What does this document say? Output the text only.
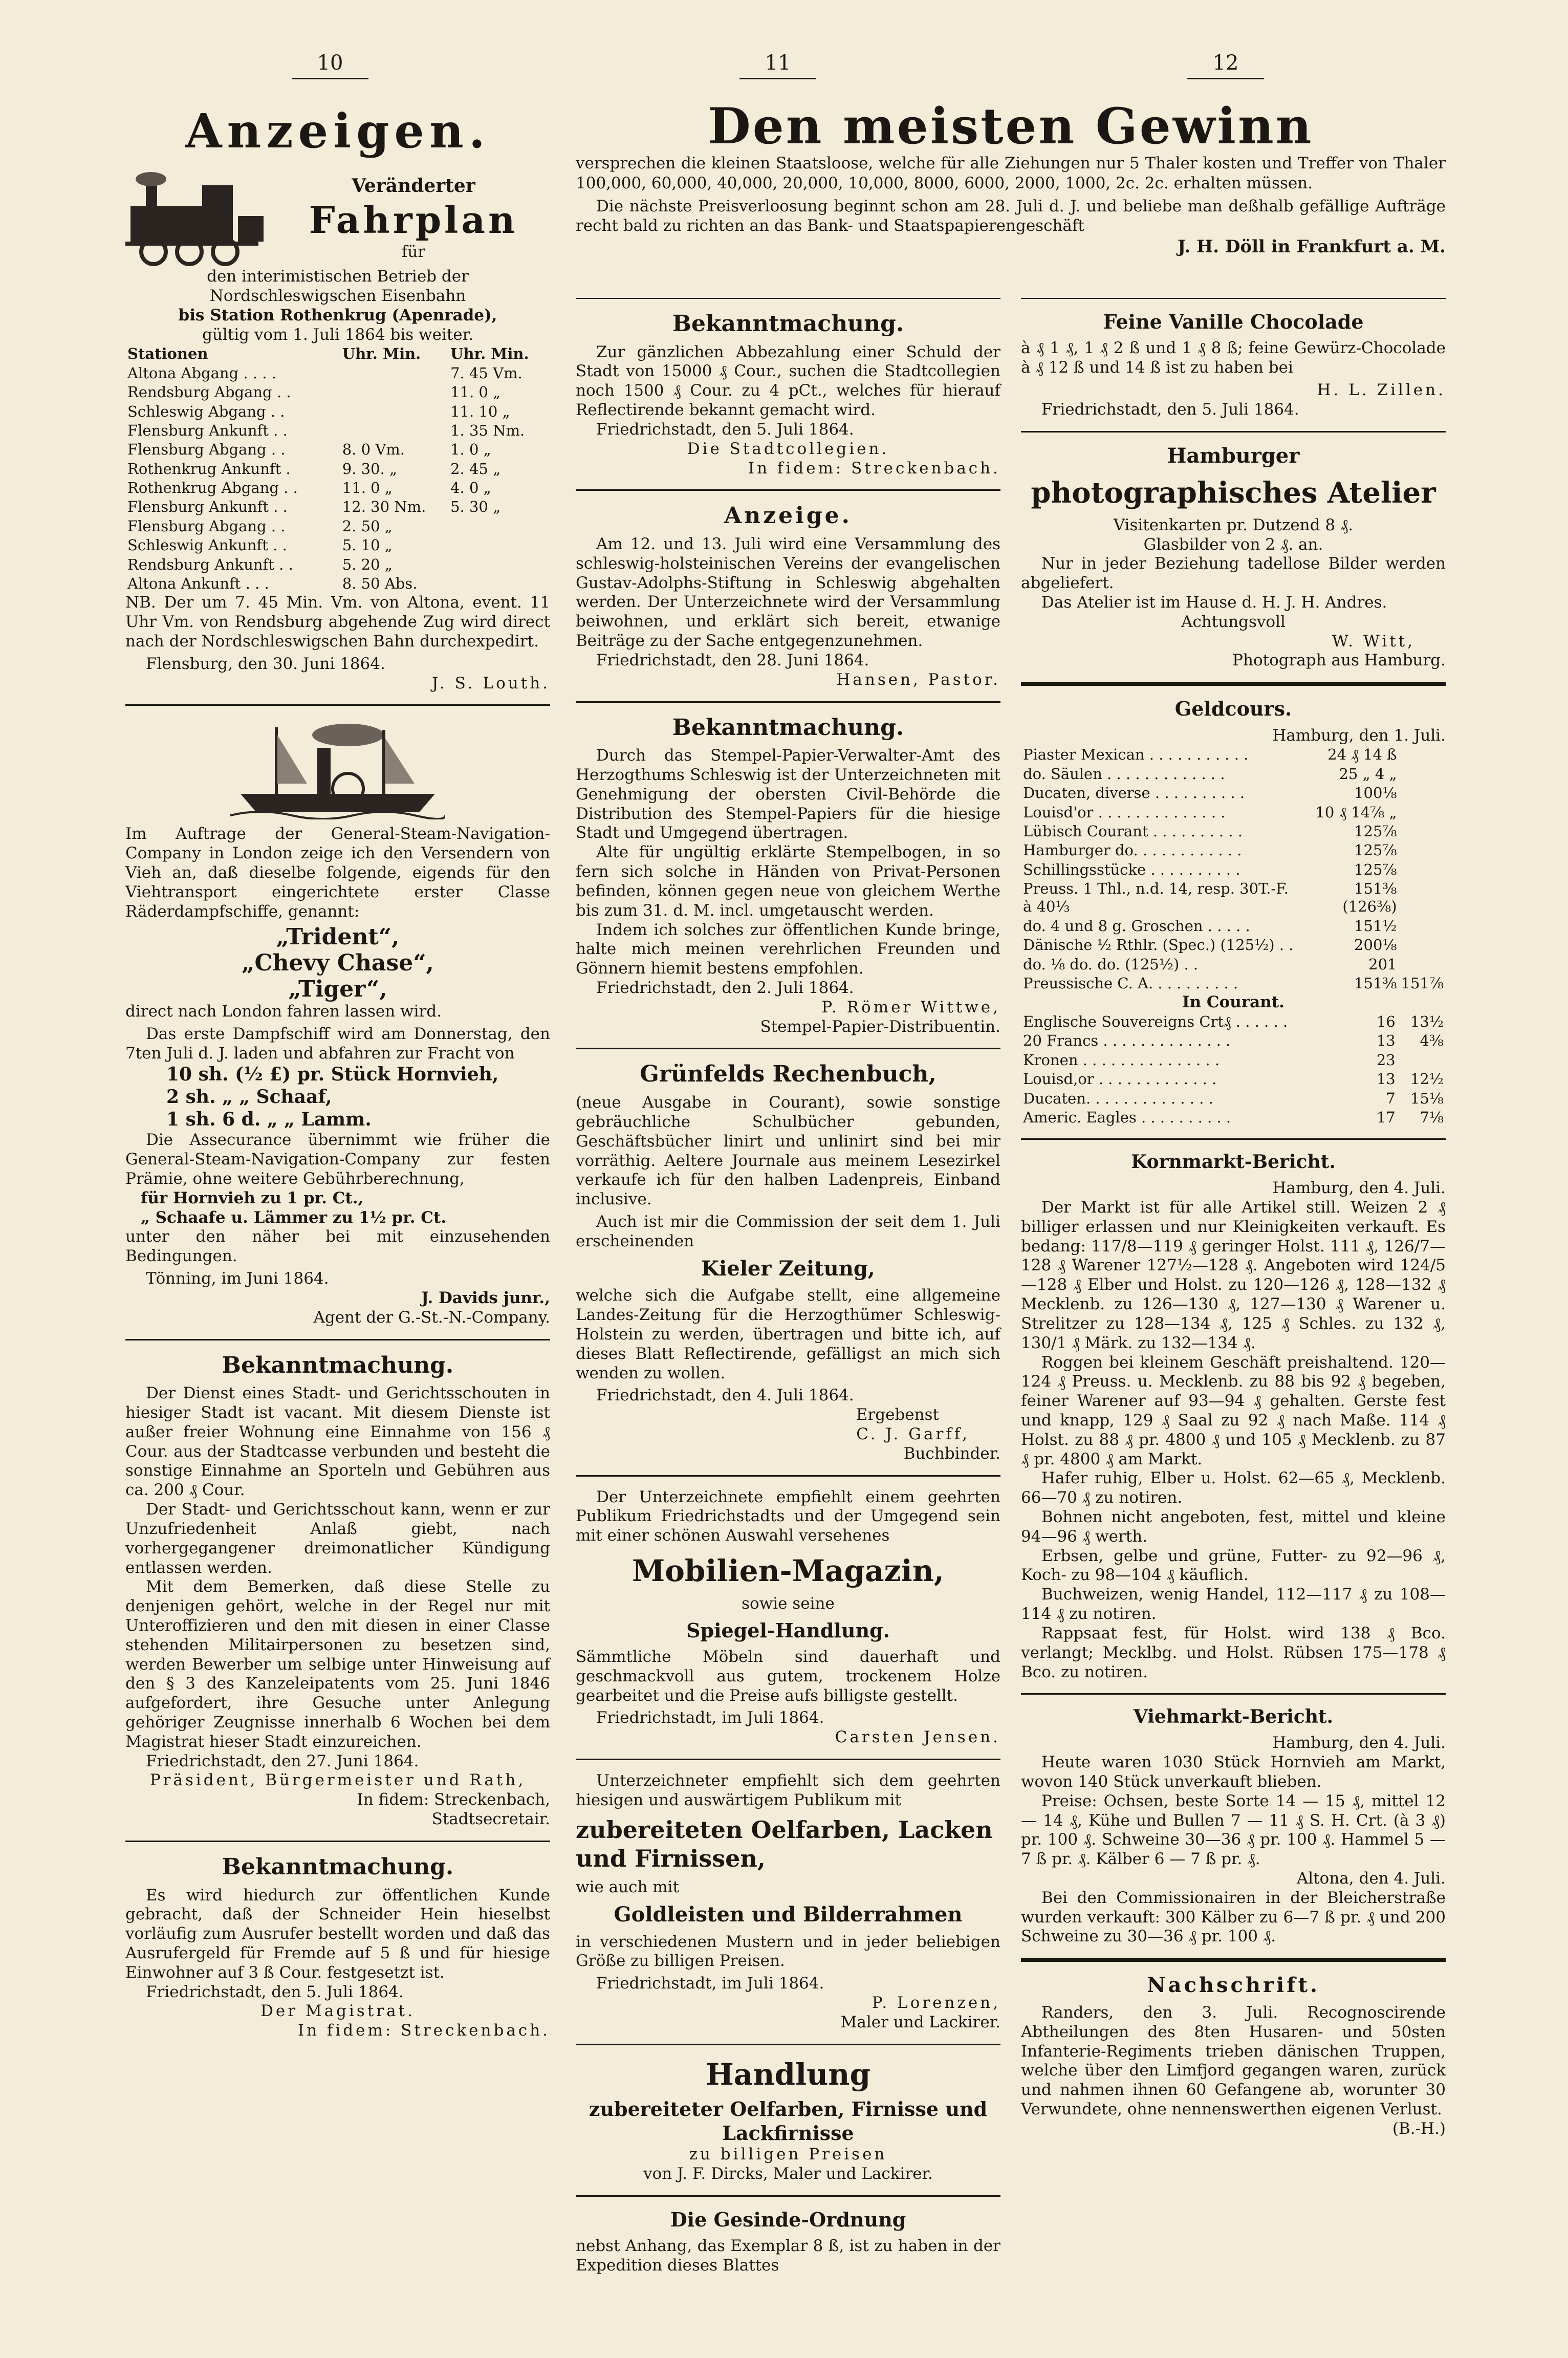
10	11	12
Anzeigen.
Veränderter
Fahrplan
für
den interimistischen Betrieb der Nordschleswigschen Eisenbahn
bis Station Rothenkrug (Apenrade),
gültig vom 1. Juli 1864 bis weiter.
Stationen	Uhr. Min.	Uhr. Min.
Altona Abgang . . . .		7. 45 Vm.
Rendsburg Abgang . .		11. 0 „
Schleswig Abgang . .		11. 10 „
Flensburg Ankunft . .		1. 35 Nm.
Flensburg Abgang . .	8. 0 Vm.	1. 0 „
Rothenkrug Ankunft .	9. 30. „	2. 45 „
Rothenkrug Abgang . .	11. 0 „	4. 0 „
Flensburg Ankunft . .	12. 30 Nm.	5. 30 „
Flensburg Abgang . .	2. 50 „	
Schleswig Ankunft . .	5. 10 „	
Rendsburg Ankunft . .	5. 20 „	
Altona Ankunft . . .	8. 50 Abs.	

NB. Der um 7. 45 Min. Vm. von Altona, event. 11 Uhr Vm. von Rendsburg abgehende Zug wird direct nach der Nordschleswigschen Bahn durchexpedirt.

Flensburg, den 30. Juni 1864.

J. S. Louth.

Im Auftrage der General-Steam-Navigation-Company in London zeige ich den Versendern von Vieh an, daß dieselbe folgende, eigends für den Viehtransport eingerichtete erster Classe Räderdampfschiffe, genannt:

„Trident“,
„Chevy Chase“,
„Tiger“,

direct nach London fahren lassen wird.

Das erste Dampfschiff wird am Donnerstag, den 7ten Juli d. J. laden und abfahren zur Fracht von

10 sh. (½ £) pr. Stück Hornvieh,
2 sh. „ „ Schaaf,
1 sh. 6 d. „ „ Lamm.

Die Assecurance übernimmt wie früher die General-Steam-Navigation-Company zur festen Prämie, ohne weitere Gebührberechnung,

für Hornvieh zu 1 pr. Ct.,
„ Schaafe u. Lämmer zu 1½ pr. Ct.

unter den näher bei mit einzusehenden Bedingungen.

Tönning, im Juni 1864.

J. Davids junr.,
Agent der G.-St.-N.-Company.
Bekanntmachung.

Der Dienst eines Stadt- und Gerichtsschouten in hiesiger Stadt ist vacant. Mit diesem Dienste ist außer freier Wohnung eine Einnahme von 156 ₰ Cour. aus der Stadtcasse verbunden und besteht die sonstige Einnahme an Sporteln und Gebühren aus ca. 200 ₰ Cour.

Der Stadt- und Gerichtsschout kann, wenn er zur Unzufriedenheit Anlaß giebt, nach vorhergegangener dreimonatlicher Kündigung entlassen werden.

Mit dem Bemerken, daß diese Stelle zu denjenigen gehört, welche in der Regel nur mit Unteroffizieren und den mit diesen in einer Classe stehenden Militairpersonen zu besetzen sind, werden Bewerber um selbige unter Hinweisung auf den § 3 des Kanzeleipatents vom 25. Juni 1846 aufgefordert, ihre Gesuche unter Anlegung gehöriger Zeugnisse innerhalb 6 Wochen bei dem Magistrat hieser Stadt einzureichen.

Friedrichstadt, den 27. Juni 1864.

Präsident, Bürgermeister und Rath,
In fidem: Streckenbach,
Stadtsecretair.
Bekanntmachung.

Es wird hiedurch zur öffentlichen Kunde gebracht, daß der Schneider Hein hieselbst vorläufig zum Ausrufer bestellt worden und daß das Ausrufergeld für Fremde auf 5 ß und für hiesige Einwohner auf 3 ß Cour. festgesetzt ist.

Friedrichstadt, den 5. Juli 1864.

Der Magistrat.
In fidem: Streckenbach.
Den meisten Gewinn

versprechen die kleinen Staatsloose, welche für alle Ziehungen nur 5 Thaler kosten und Treffer von Thaler 100,000, 60,000, 40,000, 20,000, 10,000, 8000, 6000, 2000, 1000, 2c. 2c. erhalten müssen.

Die nächste Preisverloosung beginnt schon am 28. Juli d. J. und beliebe man deßhalb gefällige Aufträge recht bald zu richten an das Bank- und Staatspapierengeschäft

J. H. Döll in Frankfurt a. M.
Bekanntmachung.

Zur gänzlichen Abbezahlung einer Schuld der Stadt von 15000 ₰ Cour., suchen die Stadtcollegien noch 1500 ₰ Cour. zu 4 pCt., welches für hierauf Reflectirende bekannt gemacht wird.

Friedrichstadt, den 5. Juli 1864.

Die Stadtcollegien.
In fidem: Streckenbach.
Anzeige.

Am 12. und 13. Juli wird eine Versammlung des schleswig-holsteinischen Vereins der evangelischen Gustav-Adolphs-Stiftung in Schleswig abgehalten werden. Der Unterzeichnete wird der Versammlung beiwohnen, und erklärt sich bereit, etwanige Beiträge zu der Sache entgegenzunehmen.

Friedrichstadt, den 28. Juni 1864.

Hansen, Pastor.
Bekanntmachung.

Durch das Stempel-Papier-Verwalter-Amt des Herzogthums Schleswig ist der Unterzeichneten mit Genehmigung der obersten Civil-Behörde die Distribution des Stempel-Papiers für die hiesige Stadt und Umgegend übertragen.

Alte für ungültig erklärte Stempelbogen, in so fern sich solche in Händen von Privat-Personen befinden, können gegen neue von gleichem Werthe bis zum 31. d. M. incl. umgetauscht werden.

Indem ich solches zur öffentlichen Kunde bringe, halte mich meinen verehrlichen Freunden und Gönnern hiemit bestens empfohlen.

Friedrichstadt, den 2. Juli 1864.

P. Römer Wittwe,
Stempel-Papier-Distribuentin.
Grünfelds Rechenbuch,

(neue Ausgabe in Courant), sowie sonstige gebräuchliche Schulbücher gebunden, Geschäftsbücher linirt und unlinirt sind bei mir vorräthig. Aeltere Journale aus meinem Lesezirkel verkaufe ich für den halben Ladenpreis, Einband inclusive.

Auch ist mir die Commission der seit dem 1. Juli erscheinenden

Kieler Zeitung,

welche sich die Aufgabe stellt, eine allgemeine Landes-Zeitung für die Herzogthümer Schleswig-Holstein zu werden, übertragen und bitte ich, auf dieses Blatt Reflectirende, gefälligst an mich sich wenden zu wollen.

Friedrichstadt, den 4. Juli 1864.

Ergebenst
C. J. Garff,
Buchbinder.

Der Unterzeichnete empfiehlt einem geehrten Publikum Friedrichstadts und der Umgegend sein mit einer schönen Auswahl versehenes

Mobilien-Magazin,
sowie seine
Spiegel-Handlung.

Sämmtliche Möbeln sind dauerhaft und geschmackvoll aus gutem, trockenem Holze gearbeitet und die Preise aufs billigste gestellt.

Friedrichstadt, im Juli 1864.

Carsten Jensen.

Unterzeichneter empfiehlt sich dem geehrten hiesigen und auswärtigem Publikum mit

zubereiteten Oelfarben, Lacken und Firnissen,
wie auch mit
Goldleisten und Bilderrahmen

in verschiedenen Mustern und in jeder beliebigen Größe zu billigen Preisen.

Friedrichstadt, im Juli 1864.

P. Lorenzen,
Maler und Lackirer.
Handlung
zubereiteter Oelfarben, Firnisse und
Lackfirnisse
zu billigen Preisen
von J. F. Dircks, Maler und Lackirer.
Die Gesinde-Ordnung

nebst Anhang, das Exemplar 8 ß, ist zu haben in der Expedition dieses Blattes

Feine Vanille Chocolade

à ₰ 1 ₰, 1 ₰ 2 ß und 1 ₰ 8 ß; feine Gewürz-Chocolade à ₰ 12 ß und 14 ß ist zu haben bei

H. L. Zillen.

Friedrichstadt, den 5. Juli 1864.

Hamburger
photographisches Atelier
Visitenkarten pr. Dutzend 8 ₰.
Glasbilder von 2 ₰. an.

Nur in jeder Beziehung tadellose Bilder werden abgeliefert.

Das Atelier ist im Hause d. H. J. H. Andres.

Achtungsvoll
W. Witt,
Photograph aus Hamburg.
Geldcours.
Hamburg, den 1. Juli.
Piaster Mexican . . . . . . . . . . .	24 ₰ 14 ß	
do. Säulen . . . . . . . . . . . . .	25 „ 4 „	
Ducaten, diverse . . . . . . . . . .	100⅛	
Louisd'or . . . . . . . . . . . . . .	10 ₰ 14⅞ „	
Lübisch Courant . . . . . . . . . .	125⅞	
Hamburger do. . . . . . . . . . . .	125⅞	
Schillingsstücke . . . . . . . . . .	125⅞	
Preuss. 1 Thl., n.d. 14, resp. 30T.-F. à 40⅓	151⅜ (126⅜)	
do. 4 und 8 g. Groschen . . . . .	151½	
Dänische ½ Rthlr. (Spec.) (125½) . .	200⅛	
do. ⅛ do. do. (125½) . .	201	
Preussische C. A. . . . . . . . . .	151⅜	151⅞
In Courant.
Englische Souvereigns Crt₰ . . . . . .	16	13½
20 Francs . . . . . . . . . . . . . .	13	4⅜
Kronen . . . . . . . . . . . . . . .	23	
Louisd,or . . . . . . . . . . . . .	13	12½
Ducaten. . . . . . . . . . . . . .	7	15⅛
Americ. Eagles . . . . . . . . . .	17	7⅛
Kornmarkt-Bericht.
Hamburg, den 4. Juli.

Der Markt ist für alle Artikel still. Weizen 2 ₰ billiger erlassen und nur Kleinigkeiten verkauft. Es bedang: 117/8—119 ₰ geringer Holst. 111 ₰, 126/7—128 ₰ Warener 127½—128 ₰. Angeboten wird 124/5—128 ₰ Elber und Holst. zu 120—126 ₰, 128—132 ₰ Mecklenb. zu 126—130 ₰, 127—130 ₰ Warener u. Strelitzer zu 128—134 ₰, 125 ₰ Schles. zu 132 ₰, 130/1 ₰ Märk. zu 132—134 ₰.

Roggen bei kleinem Geschäft preishaltend. 120—124 ₰ Preuss. u. Mecklenb. zu 88 bis 92 ₰ begeben, feiner Warener auf 93—94 ₰ gehalten. Gerste fest und knapp, 129 ₰ Saal zu 92 ₰ nach Maße. 114 ₰ Holst. zu 88 ₰ pr. 4800 ₰ und 105 ₰ Mecklenb. zu 87 ₰ pr. 4800 ₰ am Markt.

Hafer ruhig, Elber u. Holst. 62—65 ₰, Mecklenb. 66—70 ₰ zu notiren.

Bohnen nicht angeboten, fest, mittel und kleine 94—96 ₰ werth.

Erbsen, gelbe und grüne, Futter- zu 92—96 ₰, Koch- zu 98—104 ₰ käuflich.

Buchweizen, wenig Handel, 112—117 ₰ zu 108—114 ₰ zu notiren.

Rappsaat fest, für Holst. wird 138 ₰ Bco. verlangt; Mecklbg. und Holst. Rübsen 175—178 ₰ Bco. zu notiren.

Viehmarkt-Bericht.
Hamburg, den 4. Juli.

Heute waren 1030 Stück Hornvieh am Markt, wovon 140 Stück unverkauft blieben.

Preise: Ochsen, beste Sorte 14 — 15 ₰, mittel 12 — 14 ₰, Kühe und Bullen 7 — 11 ₰ S. H. Crt. (à 3 ₰) pr. 100 ₰. Schweine 30—36 ₰ pr. 100 ₰. Hammel 5 — 7 ß pr. ₰. Kälber 6 — 7 ß pr. ₰.

Altona, den 4. Juli.

Bei den Commissionairen in der Bleicherstraße wurden verkauft: 300 Kälber zu 6—7 ß pr. ₰ und 200 Schweine zu 30—36 ₰ pr. 100 ₰.

Nachschrift.

Randers, den 3. Juli. Recognoscirende Abtheilungen des 8ten Husaren- und 50sten Infanterie-Regiments trieben dänischen Truppen, welche über den Limfjord gegangen waren, zurück und nahmen ihnen 60 Gefangene ab, worunter 30 Verwundete, ohne nennenswerthen eigenen Verlust.

(B.-H.)
